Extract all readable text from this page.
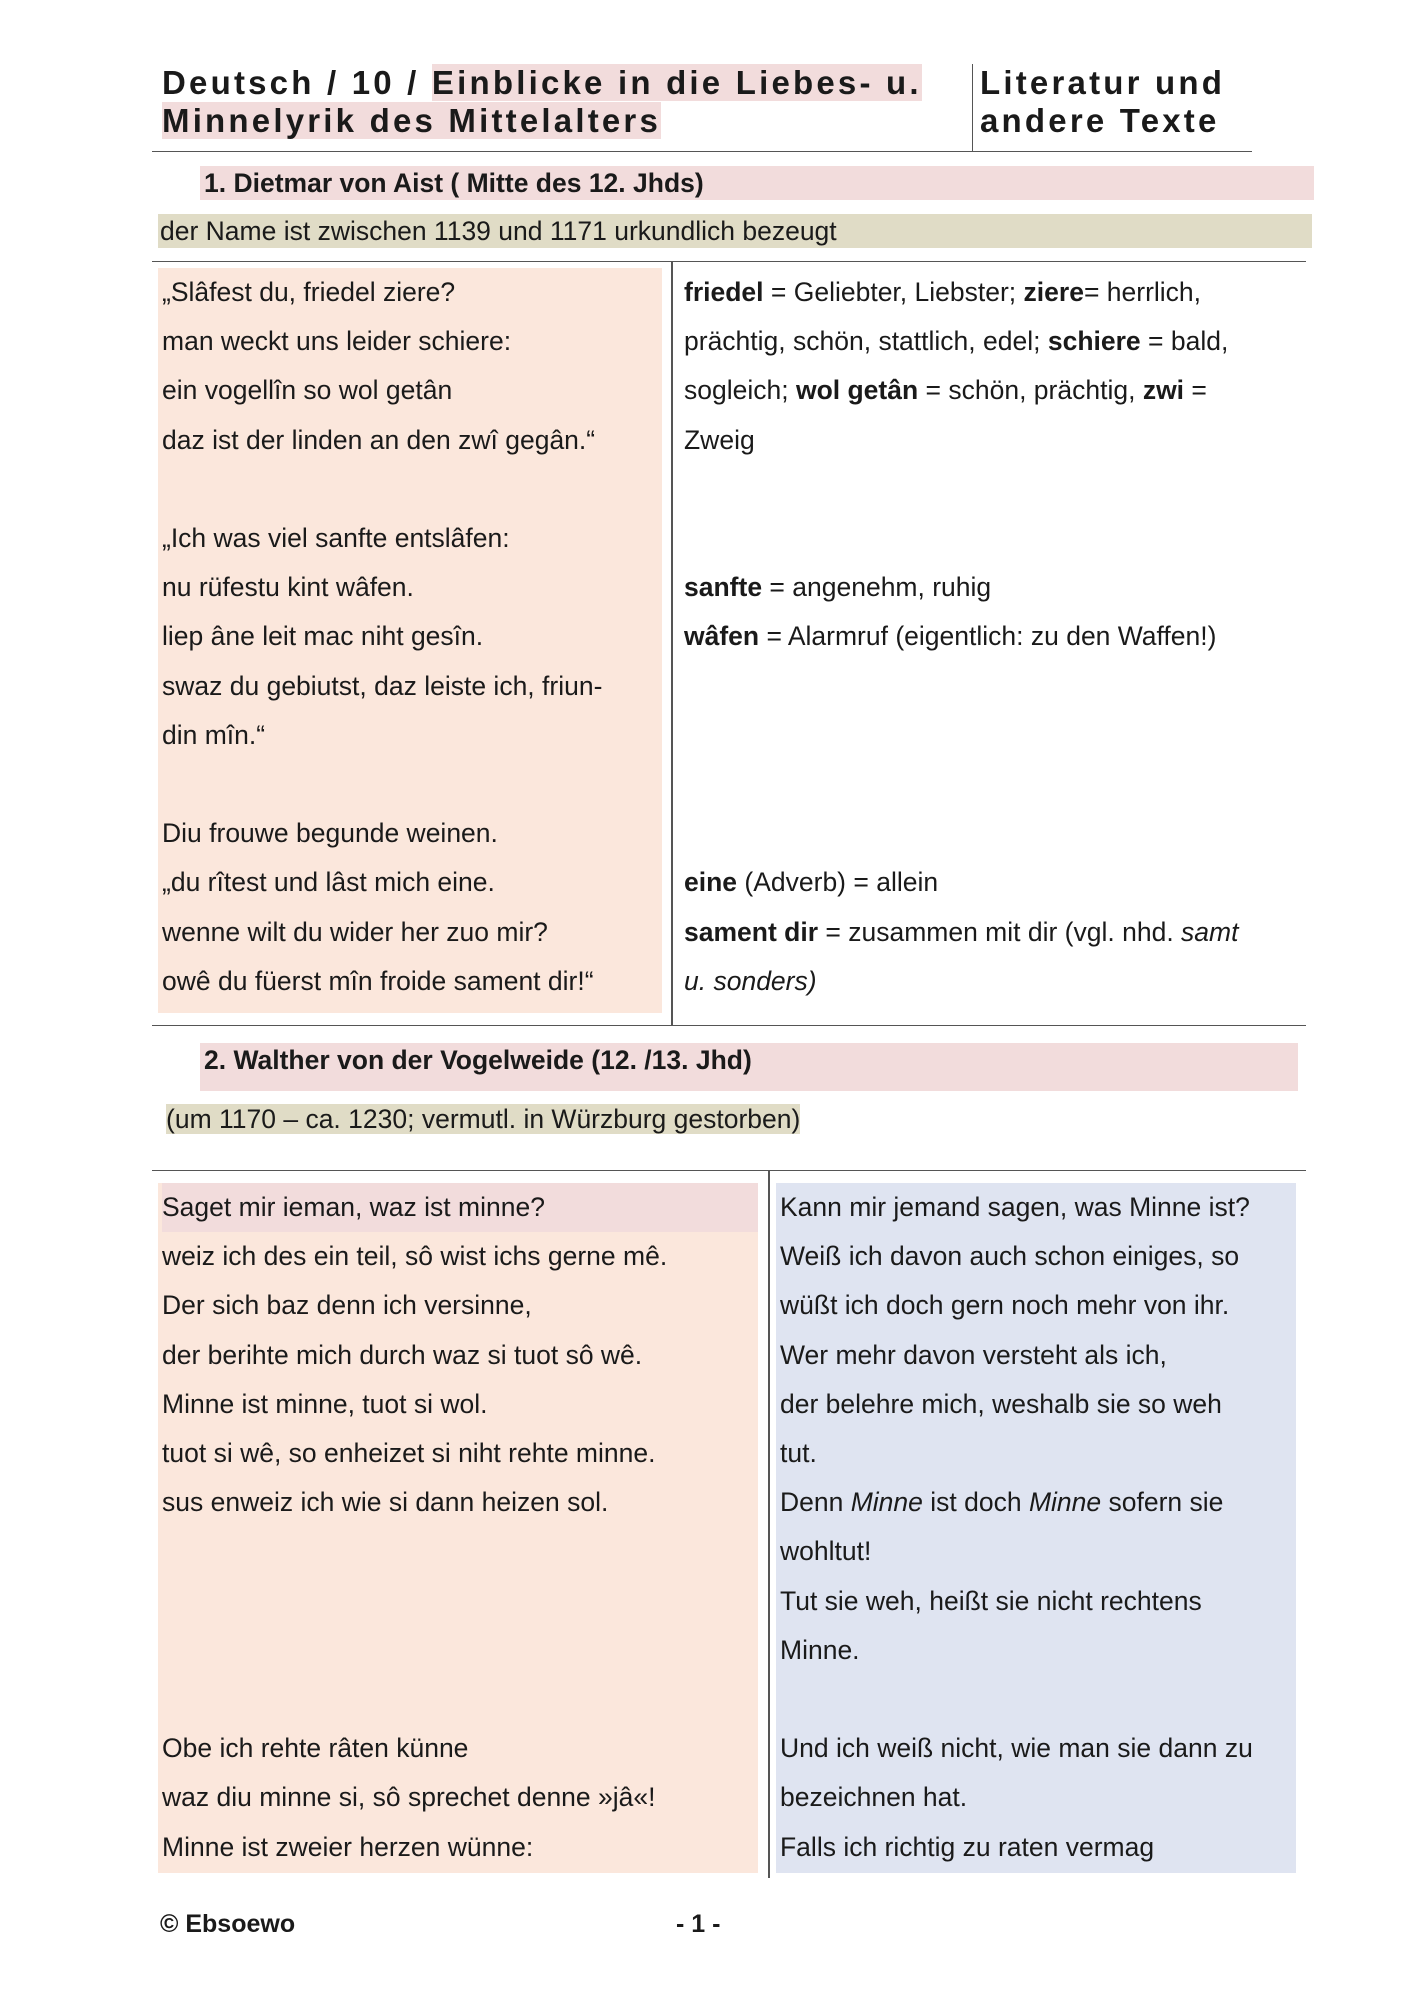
Deutsch / 10 / Einblicke in die Liebes- u.
Minnelyrik des Mittelalters
Literatur und
andere Texte
1. Dietmar von Aist ( Mitte des 12. Jhds)
der Name ist zwischen 1139 und 1171 urkundlich bezeugt
„Slâfest du, friedel ziere?
man weckt uns leider schiere:
ein vogellîn so wol getân
daz ist der linden an den zwî gegân.“

„Ich was viel sanfte entslâfen:
nu rüfestu kint wâfen.
liep âne leit mac niht gesîn.
swaz du gebiutst, daz leiste ich, friun-
din mîn.“

Diu frouwe begunde weinen.
„du rîtest und lâst mich eine.
wenne wilt du wider her zuo mir?
owê du füerst mîn froide sament dir!“
friedel = Geliebter, Liebster; ziere= herrlich,
prächtig, schön, stattlich, edel; schiere = bald,
sogleich; wol getân = schön, prächtig, zwi =
Zweig

sanfte = angenehm, ruhig
wâfen = Alarmruf (eigentlich: zu den Waffen!)

eine (Adverb) = allein
sament dir = zusammen mit dir (vgl. nhd. samt
u. sonders)
2. Walther von der Vogelweide (12. /13. Jhd)
(um 1170 – ca. 1230; vermutl. in Würzburg gestorben)
Saget mir ieman, waz ist minne?
weiz ich des ein teil, sô wist ichs gerne mê.
Der sich baz denn ich versinne,
der berihte mich durch waz si tuot sô wê.
Minne ist minne, tuot si wol.
tuot si wê, so enheizet si niht rehte minne.
sus enweiz ich wie si dann heizen sol.

Obe ich rehte râten künne
waz diu minne si, sô sprechet denne »jâ«!
Minne ist zweier herzen wünne:
Kann mir jemand sagen, was Minne ist?
Weiß ich davon auch schon einiges, so
wüßt ich doch gern noch mehr von ihr.
Wer mehr davon versteht als ich,
der belehre mich, weshalb sie so weh
tut.
Denn Minne ist doch Minne sofern sie
wohltut!
Tut sie weh, heißt sie nicht rechtens
Minne.

Und ich weiß nicht, wie man sie dann zu
bezeichnen hat.
Falls ich richtig zu raten vermag
© Ebsoewo	- 1 -
